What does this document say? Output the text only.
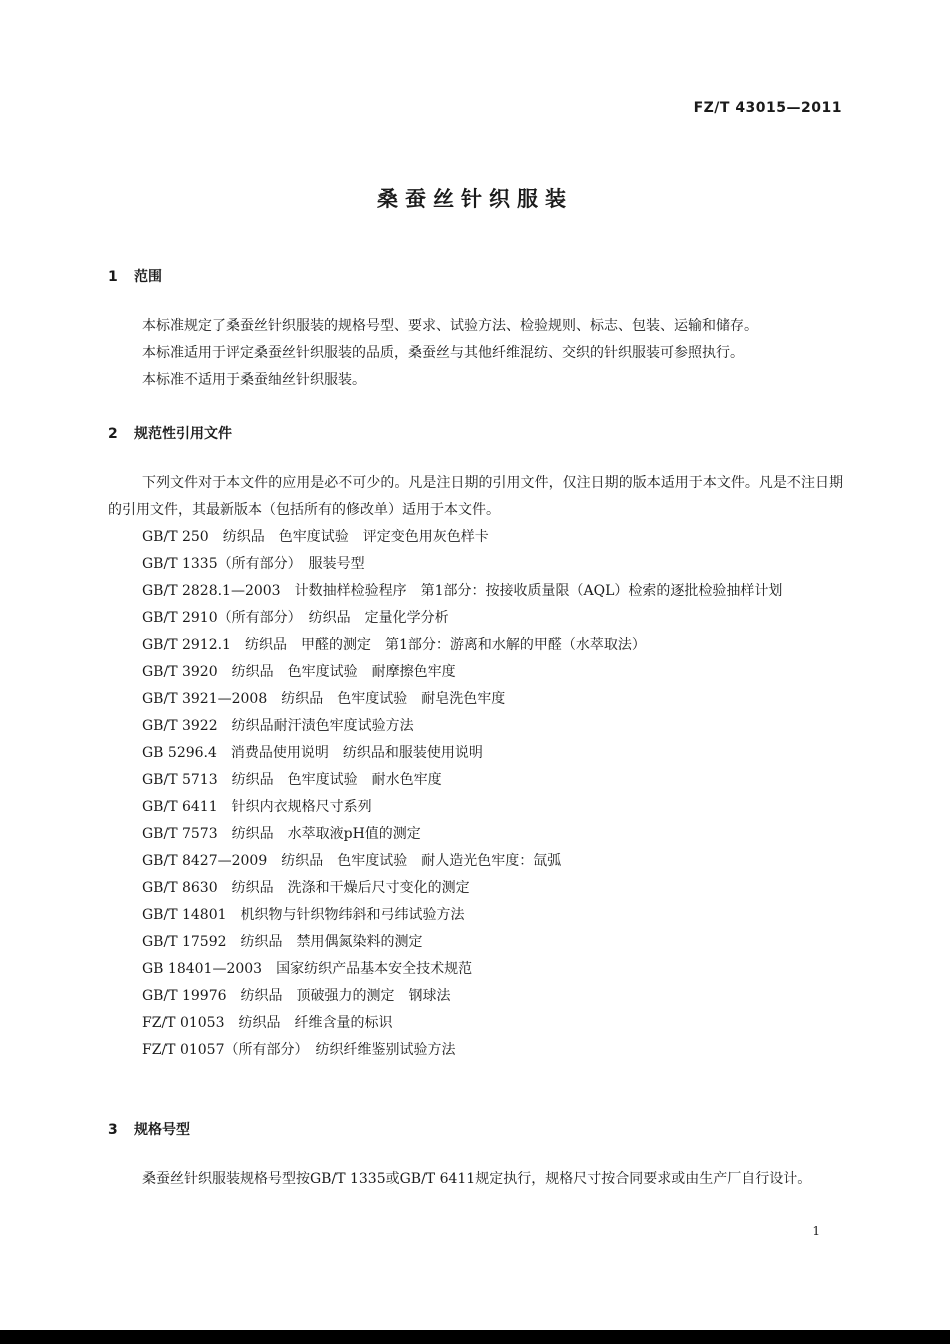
FZ/T 43015—2011
桑蚕丝针织服装
1 范围
本标准规定了桑蚕丝针织服装的规格号型、要求、试验方法、检验规则、标志、包装、运输和储存。
本标准适用于评定桑蚕丝针织服装的品质，桑蚕丝与其他纤维混纺、交织的针织服装可参照执行。
本标准不适用于桑蚕䌷丝针织服装。
2 规范性引用文件
下列文件对于本文件的应用是必不可少的。凡是注日期的引用文件，仅注日期的版本适用于本文件。凡是不注日期的引用文件，其最新版本（包括所有的修改单）适用于本文件。
GB/T 250　纺织品　色牢度试验　评定变色用灰色样卡
GB/T 1335（所有部分）　服装号型
GB/T 2828.1—2003　计数抽样检验程序　第1部分：按接收质量限（AQL）检索的逐批检验抽样计划
GB/T 2910（所有部分）　纺织品　定量化学分析
GB/T 2912.1　纺织品　甲醛的测定　第1部分：游离和水解的甲醛（水萃取法）
GB/T 3920　纺织品　色牢度试验　耐摩擦色牢度
GB/T 3921—2008　纺织品　色牢度试验　耐皂洗色牢度
GB/T 3922　纺织品耐汗渍色牢度试验方法
GB 5296.4　消费品使用说明　纺织品和服装使用说明
GB/T 5713　纺织品　色牢度试验　耐水色牢度
GB/T 6411　针织内衣规格尺寸系列
GB/T 7573　纺织品　水萃取液pH值的测定
GB/T 8427—2009　纺织品　色牢度试验　耐人造光色牢度：氙弧
GB/T 8630　纺织品　洗涤和干燥后尺寸变化的测定
GB/T 14801　机织物与针织物纬斜和弓纬试验方法
GB/T 17592　纺织品　禁用偶氮染料的测定
GB 18401—2003　国家纺织产品基本安全技术规范
GB/T 19976　纺织品　顶破强力的测定　钢球法
FZ/T 01053　纺织品　纤维含量的标识
FZ/T 01057（所有部分）　纺织纤维鉴别试验方法
3 规格号型
桑蚕丝针织服装规格号型按GB/T 1335或GB/T 6411规定执行，规格尺寸按合同要求或由生产厂自行设计。
1
